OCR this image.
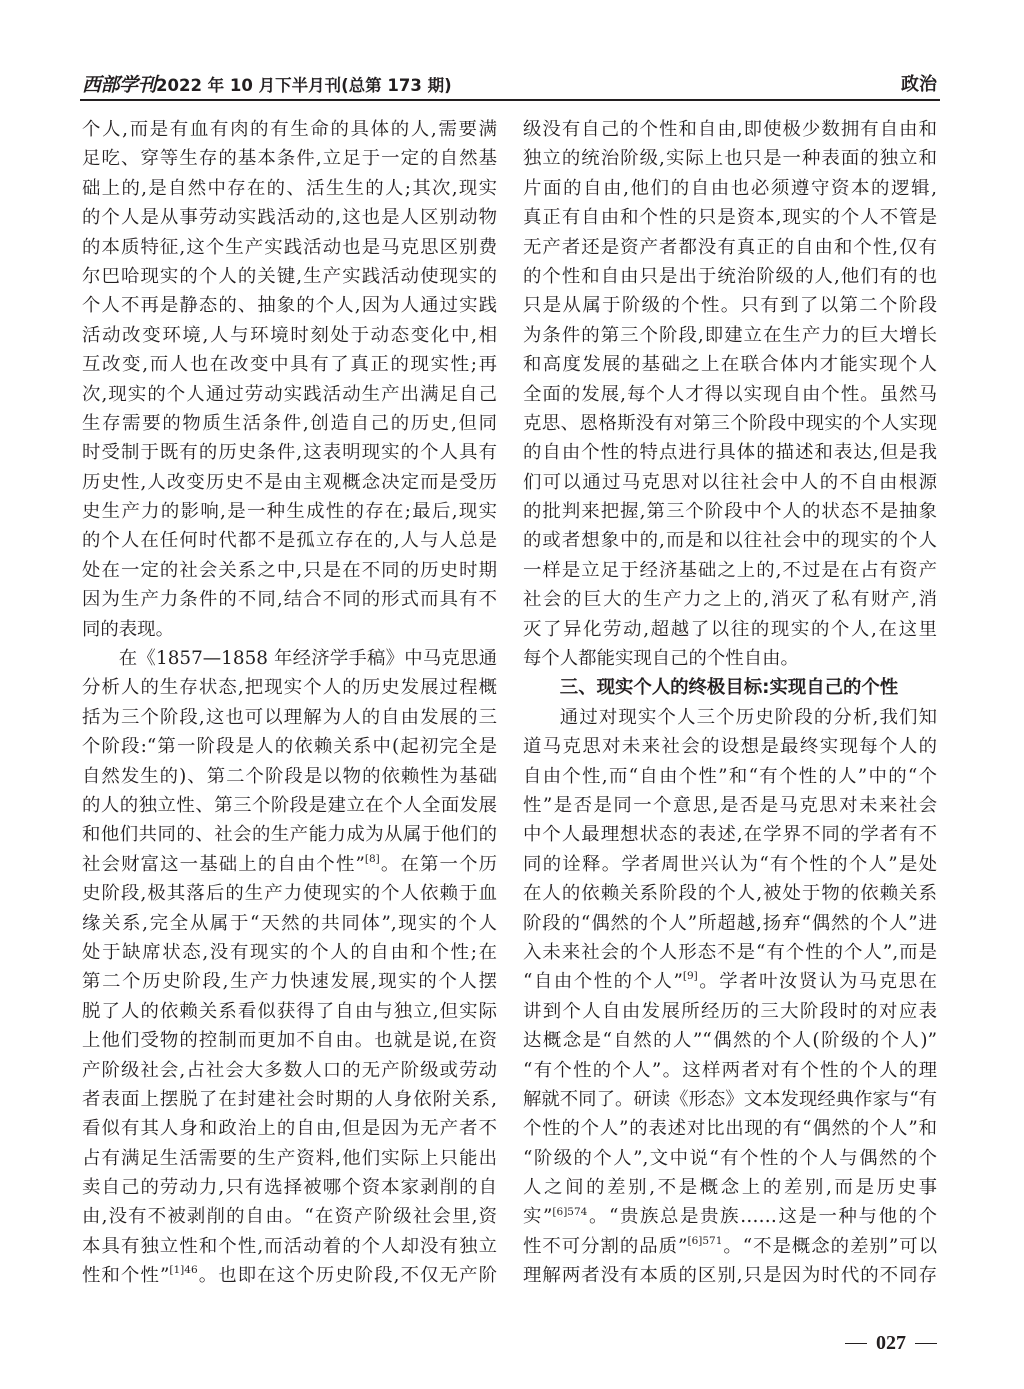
西部学刊 2022 年 10 月下半月刊(总第 173 期)	政治
个人,而是有血有肉的有生命的具体的人,需要满
足吃、穿等生存的基本条件,立足于一定的自然基
础上的,是自然中存在的、活生生的人;其次,现实
的个人是从事劳动实践活动的,这也是人区别动物
的本质特征,这个生产实践活动也是马克思区别费
尔巴哈现实的个人的关键,生产实践活动使现实的
个人不再是静态的、抽象的个人,因为人通过实践
活动改变环境,人与环境时刻处于动态变化中,相
互改变,而人也在改变中具有了真正的现实性;再
次,现实的个人通过劳动实践活动生产出满足自己
生存需要的物质生活条件,创造自己的历史,但同
时受制于既有的历史条件,这表明现实的个人具有
历史性,人改变历史不是由主观概念决定而是受历
史生产力的影响,是一种生成性的存在;最后,现实
的个人在任何时代都不是孤立存在的,人与人总是
处在一定的社会关系之中,只是在不同的历史时期
因为生产力条件的不同,结合不同的形式而具有不
同的表现。
在《1857—1858 年经济学手稿》中马克思通
分析人的生存状态,把现实个人的历史发展过程概
括为三个阶段,这也可以理解为人的自由发展的三
个阶段:“第一阶段是人的依赖关系中(起初完全是
自然发生的)、第二个阶段是以物的依赖性为基础
的人的独立性、第三个阶段是建立在个人全面发展
和他们共同的、社会的生产能力成为从属于他们的
社会财富这一基础上的自由个性”[8]。在第一个历
史阶段,极其落后的生产力使现实的个人依赖于血
缘关系,完全从属于“天然的共同体”,现实的个人
处于缺席状态,没有现实的个人的自由和个性;在
第二个历史阶段,生产力快速发展,现实的个人摆
脱了人的依赖关系看似获得了自由与独立,但实际
上他们受物的控制而更加不自由。也就是说,在资
产阶级社会,占社会大多数人口的无产阶级或劳动
者表面上摆脱了在封建社会时期的人身依附关系,
看似有其人身和政治上的自由,但是因为无产者不
占有满足生活需要的生产资料,他们实际上只能出
卖自己的劳动力,只有选择被哪个资本家剥削的自
由,没有不被剥削的自由。“在资产阶级社会里,资
本具有独立性和个性,而活动着的个人却没有独立
性和个性”$^{[1]46}$。也即在这个历史阶段,不仅无产阶
级没有自己的个性和自由,即使极少数拥有自由和
独立的统治阶级,实际上也只是一种表面的独立和
片面的自由,他们的自由也必须遵守资本的逻辑,
真正有自由和个性的只是资本,现实的个人不管是
无产者还是资产者都没有真正的自由和个性,仅有
的个性和自由只是出于统治阶级的人,他们有的也
只是从属于阶级的个性。只有到了以第二个阶段
为条件的第三个阶段,即建立在生产力的巨大增长
和高度发展的基础之上在联合体内才能实现个人
全面的发展,每个人才得以实现自由个性。虽然马
克思、恩格斯没有对第三个阶段中现实的个人实现
的自由个性的特点进行具体的描述和表达,但是我
们可以通过马克思对以往社会中人的不自由根源
的批判来把握,第三个阶段中个人的状态不是抽象
的或者想象中的,而是和以往社会中的现实的个人
一样是立足于经济基础之上的,不过是在占有资产
社会的巨大的生产力之上的,消灭了私有财产,消
灭了异化劳动,超越了以往的现实的个人,在这里
每个人都能实现自己的个性自由。
三、现实个人的终极目标:实现自己的个性
通过对现实个人三个历史阶段的分析,我们知
道马克思对未来社会的设想是最终实现每个人的
自由个性,而“自由个性”和“有个性的人”中的“个
性”是否是同一个意思,是否是马克思对未来社会
中个人最理想状态的表述,在学界不同的学者有不
同的诠释。学者周世兴认为“有个性的个人”是处
在人的依赖关系阶段的个人,被处于物的依赖关系
阶段的“偶然的个人”所超越,扬弃“偶然的个人”进
入未来社会的个人形态不是“有个性的个人”,而是
“自由个性的个人”[9]。学者叶汝贤认为马克思在
讲到个人自由发展所经历的三大阶段时的对应表
达概念是“自然的人”“偶然的个人(阶级的个人)”
“有个性的个人”。这样两者对有个性的个人的理
解就不同了。研读《形态》文本发现经典作家与“有
个性的个人”的表述对比出现的有“偶然的个人”和
“阶级的个人”,文中说“有个性的个人与偶然的个
人之间的差别,不是概念上的差别,而是历史事
实”$^{[6]574}$。“贵族总是贵族……这是一种与他的个
性不可分割的品质”$^{[6]571}$。“不是概念的差别”可以
理解两者没有本质的区别,只是因为时代的不同存
027
